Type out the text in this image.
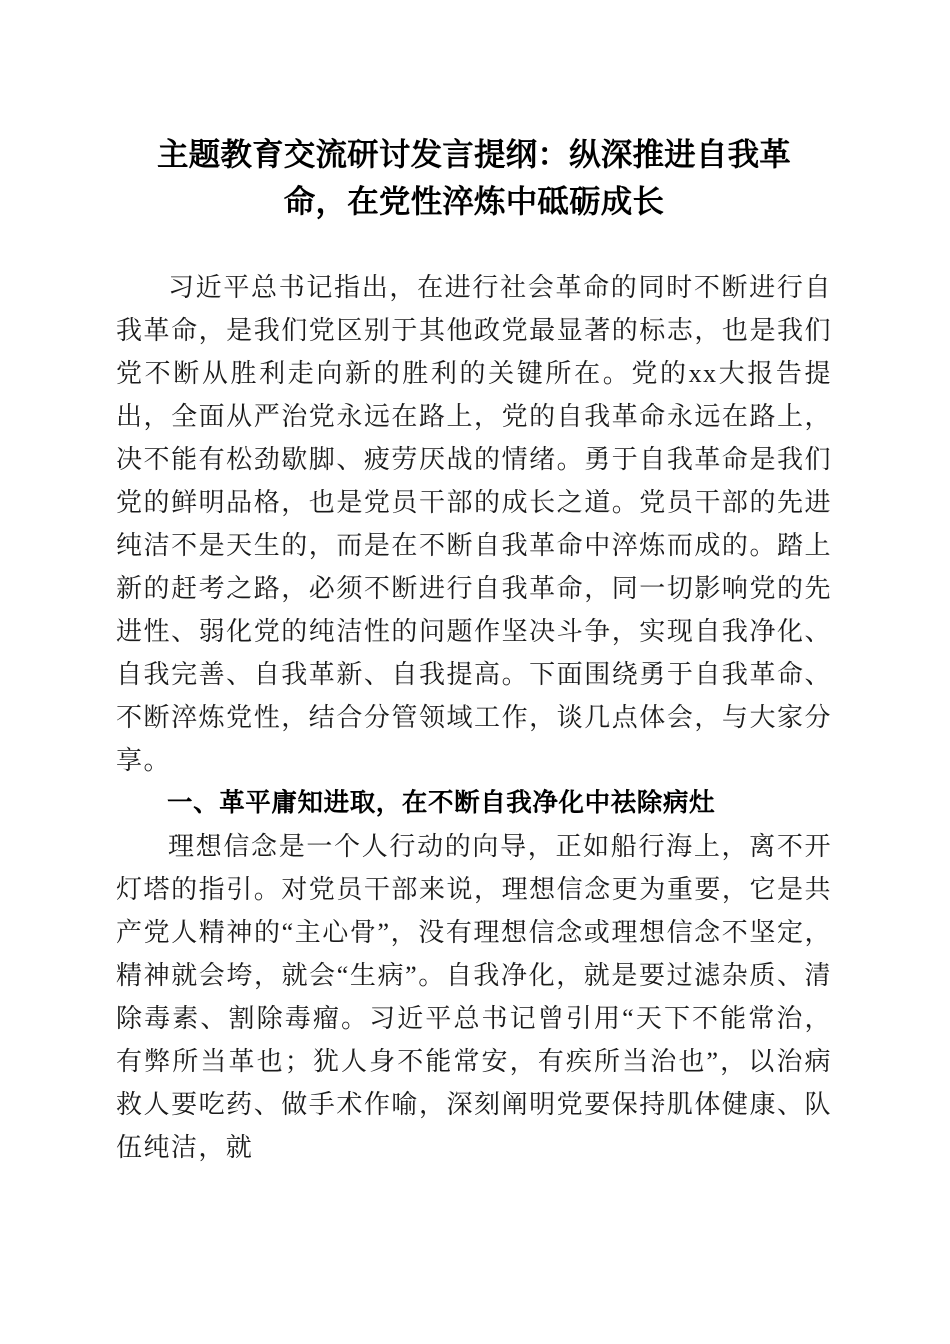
主题教育交流研讨发言提纲：纵深推进自我革
命，在党性淬炼中砥砺成长

习近平总书记指出，在进行社会革命的同时不断进行自我革命，是我们党区别于其他政党最显著的标志，也是我们党不断从胜利走向新的胜利的关键所在。党的xx大报告提出，全面从严治党永远在路上，党的自我革命永远在路上，决不能有松劲歇脚、疲劳厌战的情绪。勇于自我革命是我们党的鲜明品格，也是党员干部的成长之道。党员干部的先进纯洁不是天生的，而是在不断自我革命中淬炼而成的。踏上新的赶考之路，必须不断进行自我革命，同一切影响党的先进性、弱化党的纯洁性的问题作坚决斗争，实现自我净化、自我完善、自我革新、自我提高。下面围绕勇于自我革命、不断淬炼党性，结合分管领域工作，谈几点体会，与大家分享。

一、革平庸知进取，在不断自我净化中祛除病灶

理想信念是一个人行动的向导，正如船行海上，离不开灯塔的指引。对党员干部来说，理想信念更为重要，它是共产党人精神的“主心骨”，没有理想信念或理想信念不坚定，精神就会垮，就会“生病”。自我净化，就是要过滤杂质、清除毒素、割除毒瘤。习近平总书记曾引用“天下不能常治，有弊所当革也；犹人身不能常安，有疾所当治也”，以治病救人要吃药、做手术作喻，深刻阐明党要保持肌体健康、队伍纯洁，就
